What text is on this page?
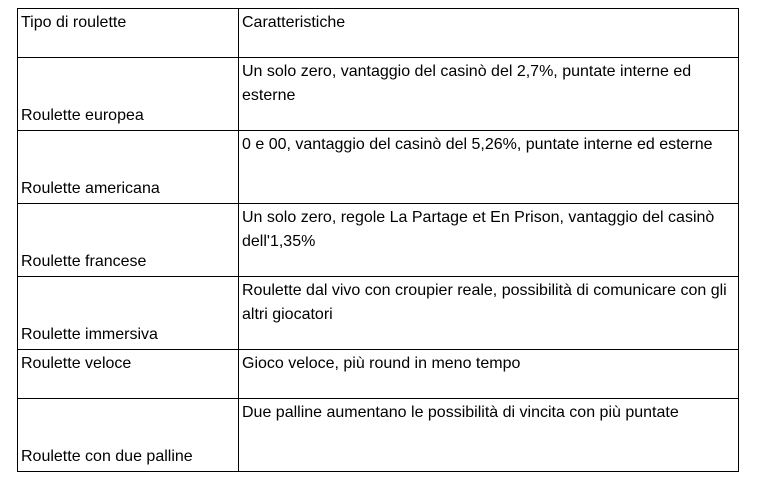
Tipo di roulette	Caratteristiche
Roulette europea	Un solo zero, vantaggio del casinò del 2,7%, puntate interne ed esterne
Roulette americana	0 e 00, vantaggio del casinò del 5,26%, puntate interne ed esterne
Roulette francese	Un solo zero, regole La Partage et En Prison, vantaggio del casinò dell'1,35%
Roulette immersiva	Roulette dal vivo con croupier reale, possibilità di comunicare con gli altri giocatori
Roulette veloce	Gioco veloce, più round in meno tempo
Roulette con due palline	Due palline aumentano le possibilità di vincita con più puntate
